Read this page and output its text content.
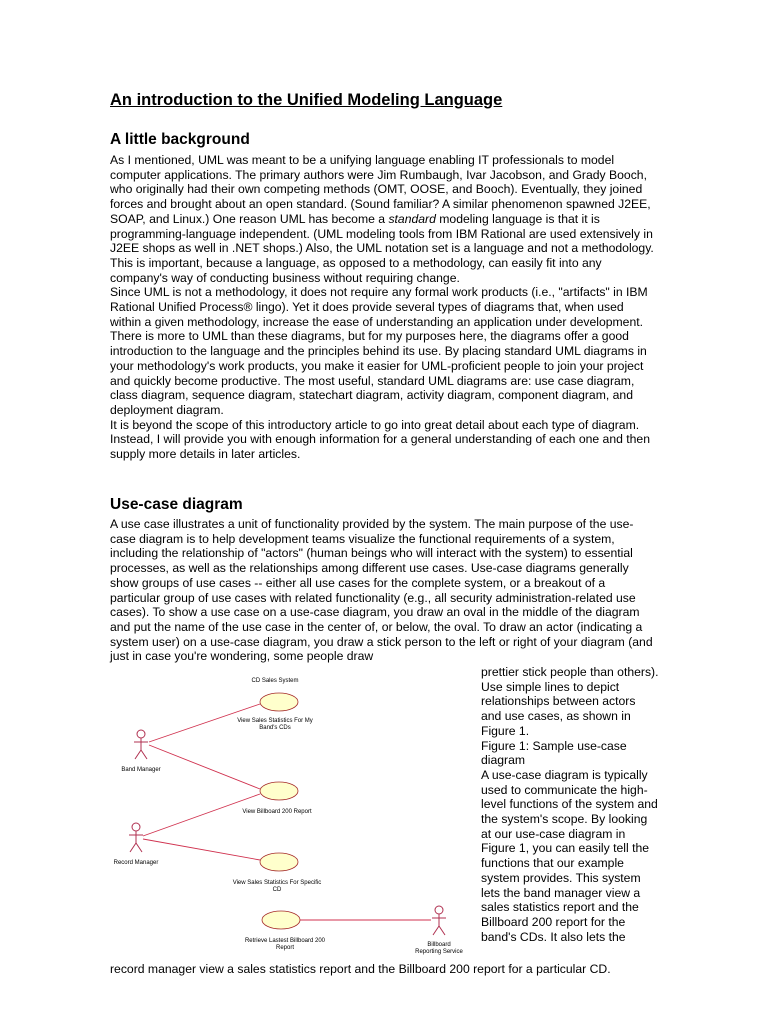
An introduction to the Unified Modeling Language
A little background

As I mentioned, UML was meant to be a unifying language enabling IT professionals to model computer applications. The primary authors were Jim Rumbaugh, Ivar Jacobson, and Grady Booch, who originally had their own competing methods (OMT, OOSE, and Booch). Eventually, they joined forces and brought about an open standard. (Sound familiar? A similar phenomenon spawned J2EE, SOAP, and Linux.) One reason UML has become a standard modeling language is that it is programming-language independent. (UML modeling tools from IBM Rational are used extensively in J2EE shops as well in .NET shops.) Also, the UML notation set is a language and not a methodology. This is important, because a language, as opposed to a methodology, can easily fit into any company's way of conducting business without requiring change.

Since UML is not a methodology, it does not require any formal work products (i.e., "artifacts" in IBM Rational Unified Process® lingo). Yet it does provide several types of diagrams that, when used within a given methodology, increase the ease of understanding an application under development. There is more to UML than these diagrams, but for my purposes here, the diagrams offer a good introduction to the language and the principles behind its use. By placing standard UML diagrams in your methodology's work products, you make it easier for UML-proficient people to join your project and quickly become productive. The most useful, standard UML diagrams are: use case diagram, class diagram, sequence diagram, statechart diagram, activity diagram, component diagram, and deployment diagram.

It is beyond the scope of this introductory article to go into great detail about each type of diagram. Instead, I will provide you with enough information for a general understanding of each one and then supply more details in later articles.

Use-case diagram

A use case illustrates a unit of functionality provided by the system. The main purpose of the use-case diagram is to help development teams visualize the functional requirements of a system, including the relationship of "actors" (human beings who will interact with the system) to essential processes, as well as the relationships among different use cases. Use-case diagrams generally show groups of use cases -- either all use cases for the complete system, or a breakout of a particular group of use cases with related functionality (e.g., all security administration-related use cases). To show a use case on a use-case diagram, you draw an oval in the middle of the diagram and put the name of the use case in the center of, or below, the oval. To draw an actor (indicating a system user) on a use-case diagram, you draw a stick person to the left or right of your diagram (and just in case you're wondering, some people draw

CD Sales System
View Sales Statistics For My
Band's CDs
View Billboard 200 Report
View Sales Statistics For Specific
CD
Retrieve Lastest Billboard 200
Report
Band Manager
Record Manager
Billboard
Reporting Service

prettier stick people than others). Use simple lines to depict relationships between actors and use cases, as shown in Figure 1.

Figure 1: Sample use-case diagram

A use-case diagram is typically used to communicate the high-level functions of the system and the system's scope. By looking at our use-case diagram in Figure 1, you can easily tell the functions that our example system provides. This system lets the band manager view a sales statistics report and the Billboard 200 report for the band's CDs. It also lets the

record manager view a sales statistics report and the Billboard 200 report for a particular CD.
